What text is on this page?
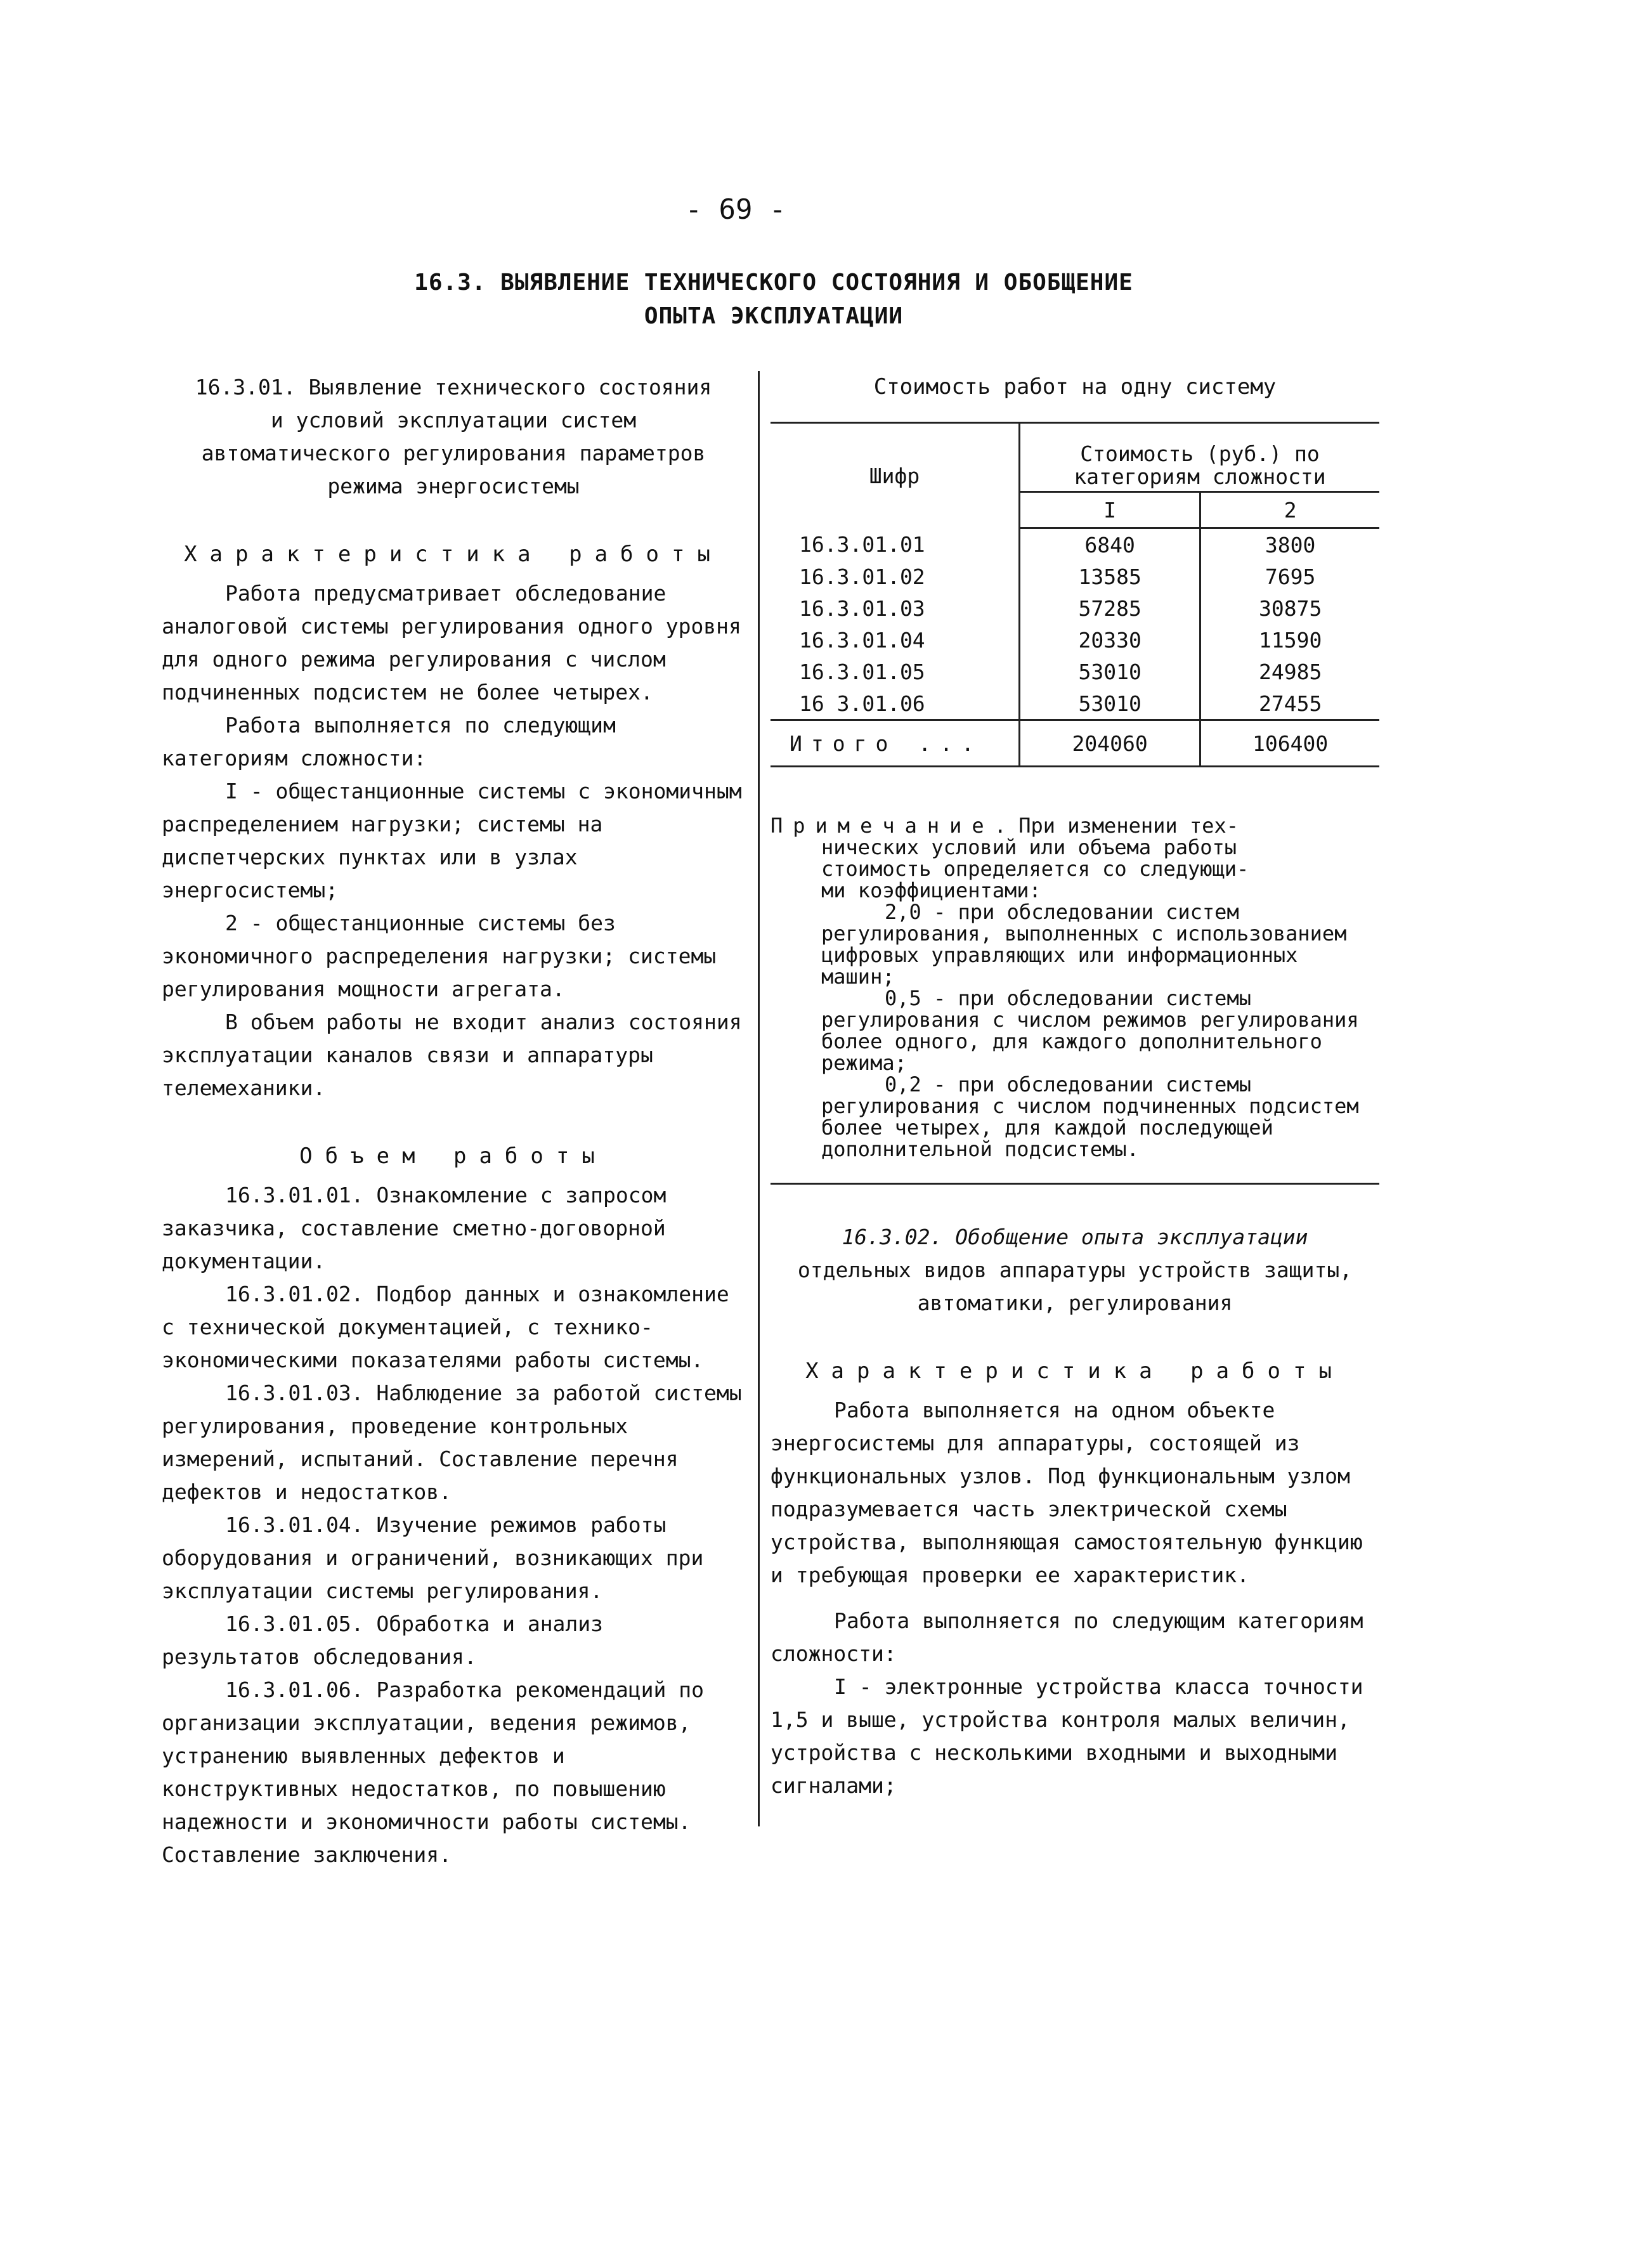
- 69 -
16.3. ВЫЯВЛЕНИЕ ТЕХНИЧЕСКОГО СОСТОЯНИЯ И ОБОБЩЕНИЕ
ОПЫТА ЭКСПЛУАТАЦИИ

16.3.01. Выявление технического состояния

и условий эксплуатации систем

автоматического регулирования параметров

режима энергосистемы

Характеристика работы

Работа предусматривает обследование аналоговой системы регулирования одного уровня для одного режима регулирования с числом подчиненных подсистем не более четырех.

Работа выполняется по следующим категориям сложности:

I - общестанционные системы с экономичным распределением нагрузки; системы на диспетчерских пунктах или в узлах энергосистемы;

2 - общестанционные системы без экономичного распределения нагрузки; системы регулирования мощности агрегата.

В объем работы не входит анализ состояния эксплуатации каналов связи и аппаратуры телемеханики.

Объем работы

16.3.01.01. Ознакомление с запросом заказчика, составление сметно-договорной документации.

16.3.01.02. Подбор данных и ознакомление с технической документацией, с технико-экономическими показателями работы системы.

16.3.01.03. Наблюдение за работой системы регулирования, проведение контрольных измерений, испытаний. Составление перечня дефектов и недостатков.

16.3.01.04. Изучение режимов работы оборудования и ограничений, возникающих при эксплуатации системы регулирования.

16.3.01.05. Обработка и анализ результатов обследования.

16.3.01.06. Разработка рекомендаций по организации эксплуатации, ведения режимов, устранению выявленных дефектов и конструктивных недостатков, по повышению надежности и экономичности работы системы. Составление заключения.

Стоимость работ на одну систему
Шифр	Стоимость (руб.) по категориям сложности	
	I	2
16.3.01.01	6840	3800
16.3.01.02	13585	7695
16.3.01.03	57285	30875
16.3.01.04	20330	11590
16.3.01.05	53010	24985
16 3.01.06	53010	27455
Итого ...	204060	106400

Примечание. При изменении тех-

нических условий или объема работы

стоимость определяется со следующи-

ми коэффициентами:

2,0 - при обследовании систем регулирования, выполненных с использованием цифровых управляющих или информационных машин;

0,5 - при обследовании системы регулирования с числом режимов регулирования более одного, для каждого дополнительного режима;

0,2 - при обследовании системы регулирования с числом подчиненных подсистем более четырех, для каждой последующей дополнительной подсистемы.

16.3.02. Обобщение опыта эксплуатации

отдельных видов аппаратуры устройств защиты,

автоматики, регулирования

Характеристика работы

Работа выполняется на одном объекте энергосистемы для аппаратуры, состоящей из функциональных узлов. Под функциональным узлом подразумевается часть электрической схемы устройства, выполняющая самостоятельную функцию и требующая проверки ее характеристик.

Работа выполняется по следующим категориям сложности:

I - электронные устройства класса точности 1,5 и выше, устройства контроля малых величин, устройства с несколькими входными и выходными сигналами;
